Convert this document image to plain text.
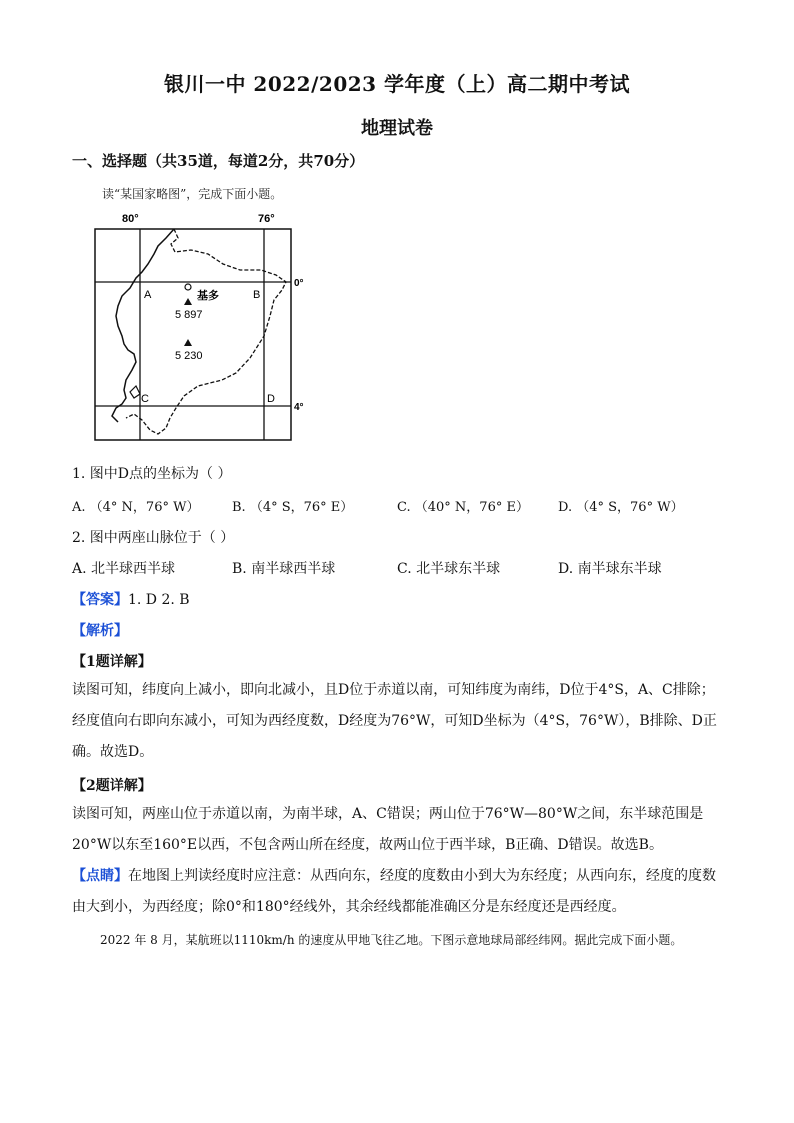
银川一中 2022/2023 学年度（上）高二期中考试
地理试卷
一、选择题（共35道，每道2分，共70分）
读“某国家略图”，完成下面小题。
80°	76°
0°
4°
A	B
C	D
基多
5 897
5 230
1. 图中D点的坐标为（ ）
A. （4° N，76° W）	B. （4° S，76° E）	C. （40° N，76° E） D. （4° S，76° W）
2. 图中两座山脉位于（ ）
A. 北半球西半球	B. 南半球西半球	C. 北半球东半球	D. 南半球东半球
【答案】1. D 2. B
【解析】
【1题详解】
读图可知，纬度向上减小，即向北减小，且D位于赤道以南，可知纬度为南纬，D位于4°S，A、C排除；经度值向右即向东减小，可知为西经度数，D经度为76°W，可知D坐标为（4°S，76°W），B排除、D正确。故选D。
【2题详解】
读图可知，两座山位于赤道以南，为南半球，A、C错误；两山位于76°W—80°W之间，东半球范围是20°W以东至160°E以西，不包含两山所在经度，故两山位于西半球，B正确、D错误。故选B。
【点睛】在地图上判读经度时应注意：从西向东，经度的度数由小到大为东经度；从西向东，经度的度数由大到小，为西经度；除0°和180°经线外，其余经线都能准确区分是东经度还是西经度。
2022 年 8 月，某航班以1110km/h 的速度从甲地飞往乙地。下图示意地球局部经纬网。据此完成下面小题。
